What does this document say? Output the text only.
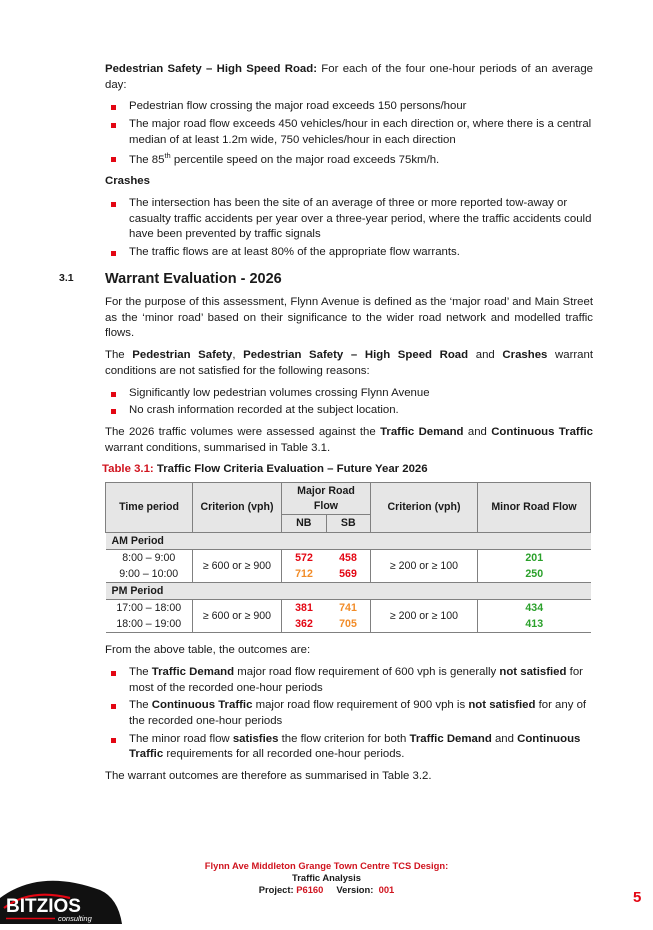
Pedestrian Safety – High Speed Road: For each of the four one-hour periods of an average day:

Pedestrian flow crossing the major road exceeds 150 persons/hour
The major road flow exceeds 450 vehicles/hour in each direction or, where there is a central median of at least 1.2m wide, 750 vehicles/hour in each direction
The 85th percentile speed on the major road exceeds 75km/h.

Crashes

The intersection has been the site of an average of three or more reported tow-away or casualty traffic accidents per year over a three-year period, where the traffic accidents could have been prevented by traffic signals
The traffic flows are at least 80% of the appropriate flow warrants.
3.1 Warrant Evaluation - 2026

For the purpose of this assessment, Flynn Avenue is defined as the ‘major road’ and Main Street as the ‘minor road’ based on their significance to the wider road network and modelled traffic flows.

The Pedestrian Safety, Pedestrian Safety – High Speed Road and Crashes warrant conditions are not satisfied for the following reasons:

Significantly low pedestrian volumes crossing Flynn Avenue
No crash information recorded at the subject location.

The 2026 traffic volumes were assessed against the Traffic Demand and Continuous Traffic warrant conditions, summarised in Table 3.1.

Table 3.1: Traffic Flow Criteria Evaluation – Future Year 2026
Time period	Criterion (vph)	Major Road Flow		Criterion (vph)	Minor Road Flow
		NB	SB		
AM Period					
8:00 – 9:00	≥ 600 or ≥ 900	572	458	≥ 200 or ≥ 100	201
9:00 – 10:00		712	569		250
PM Period					
17:00 – 18:00	≥ 600 or ≥ 900	381	741	≥ 200 or ≥ 100	434
18:00 – 19:00		362	705		413

From the above table, the outcomes are:

The Traffic Demand major road flow requirement of 600 vph is generally not satisfied for most of the recorded one-hour periods
The Continuous Traffic major road flow requirement of 900 vph is not satisfied for any of the recorded one-hour periods
The minor road flow satisfies the flow criterion for both Traffic Demand and Continuous Traffic requirements for all recorded one-hour periods.

The warrant outcomes are therefore as summarised in Table 3.2.

BITZIOS
consulting
Flynn Ave Middleton Grange Town Centre TCS Design:
Traffic Analysis
Project: P6160 Version: 001	5
